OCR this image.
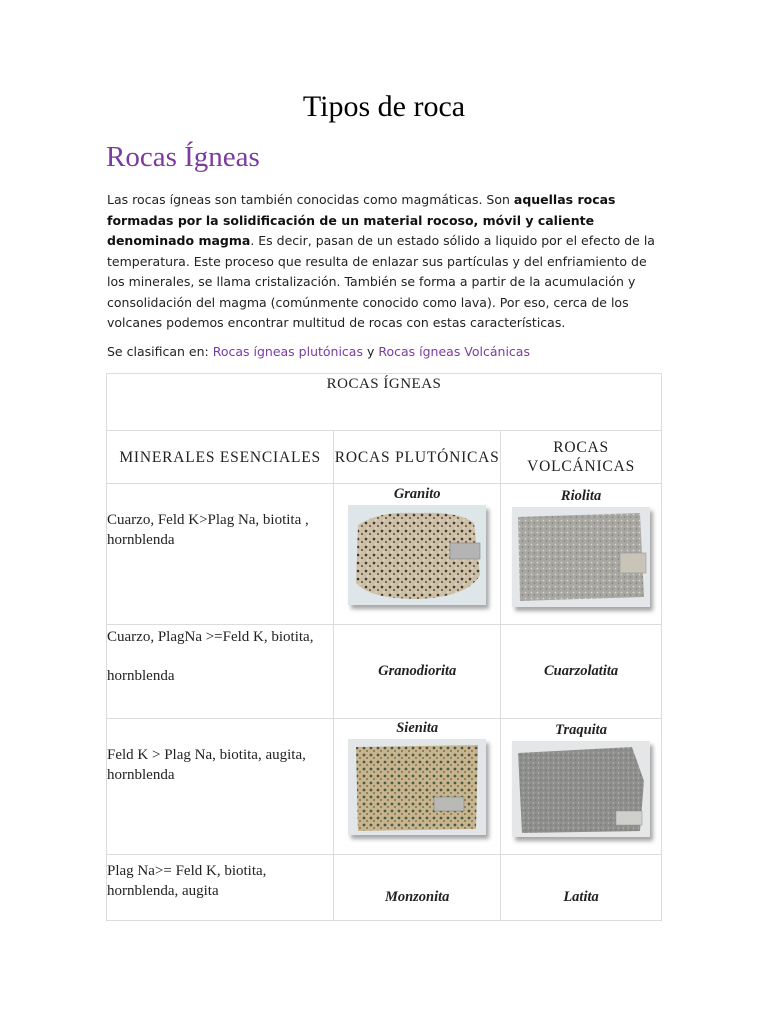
Tipos de roca
Rocas Ígneas
Las rocas ígneas son también conocidas como magmáticas. Son aquellas rocas formadas por la solidificación de un material rocoso, móvil y caliente denominado magma. Es decir, pasan de un estado sólido a liquido por el efecto de la temperatura. Este proceso que resulta de enlazar sus partículas y del enfriamiento de los minerales, se llama cristalización. También se forma a partir de la acumulación y consolidación del magma (comúnmente conocido como lava). Por eso, cerca de los volcanes podemos encontrar multitud de rocas con estas características.
Se clasifican en: Rocas ígneas plutónicas y Rocas ígneas Volcánicas
ROCAS ÍGNEAS		
MINERALES ESENCIALES	ROCAS PLUTÓNICAS	ROCAS VOLCÁNICAS
Cuarzo, Feld K>Plag Na, biotita , hornblenda	Granito	Riolita

Cuarzo, PlagNa >=Feld K, biotita,
hornblenda	Granodiorita	Cuarzolatita

Feld K > Plag Na, biotita, augita, hornblenda	Sienita	Traquita

Plag Na>= Feld K, biotita, hornblenda, augita	Monzonita	Latita
